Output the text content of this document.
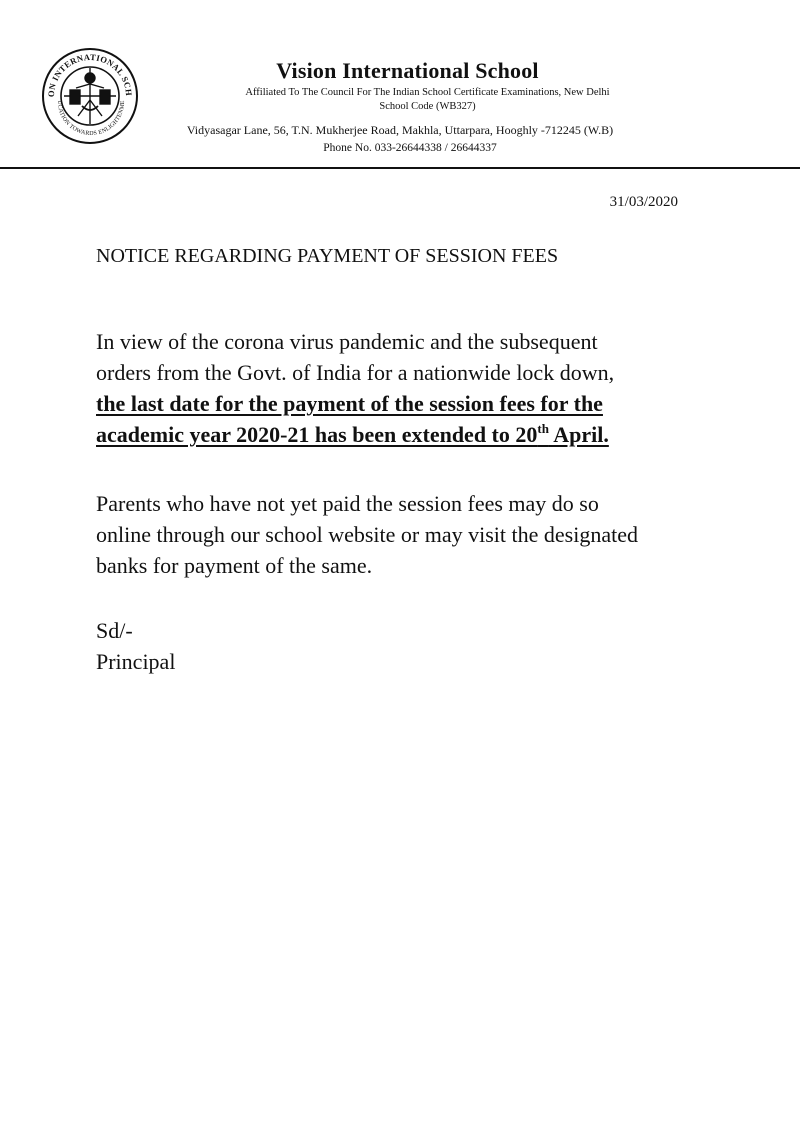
ON INTERNATIONAL SCH
UCATION TOWARDS ENLIGHTENME
Vision International School
Affiliated To The Council For The Indian School Certificate Examinations, New Delhi
School Code (WB327)
Vidyasagar Lane, 56, T.N. Mukherjee Road, Makhla, Uttarpara, Hooghly -712245 (W.B)
Phone No. 033-26644338 / 26644337
31/03/2020
NOTICE REGARDING PAYMENT OF SESSION FEES
In view of the corona virus pandemic and the subsequent
orders from the Govt. of India for a nationwide lock down,
the last date for the payment of the session fees for the
academic year 2020-21 has been extended to 20th April.
Parents who have not yet paid the session fees may do so
online through our school website or may visit the designated
banks for payment of the same.
Sd/-
Principal
